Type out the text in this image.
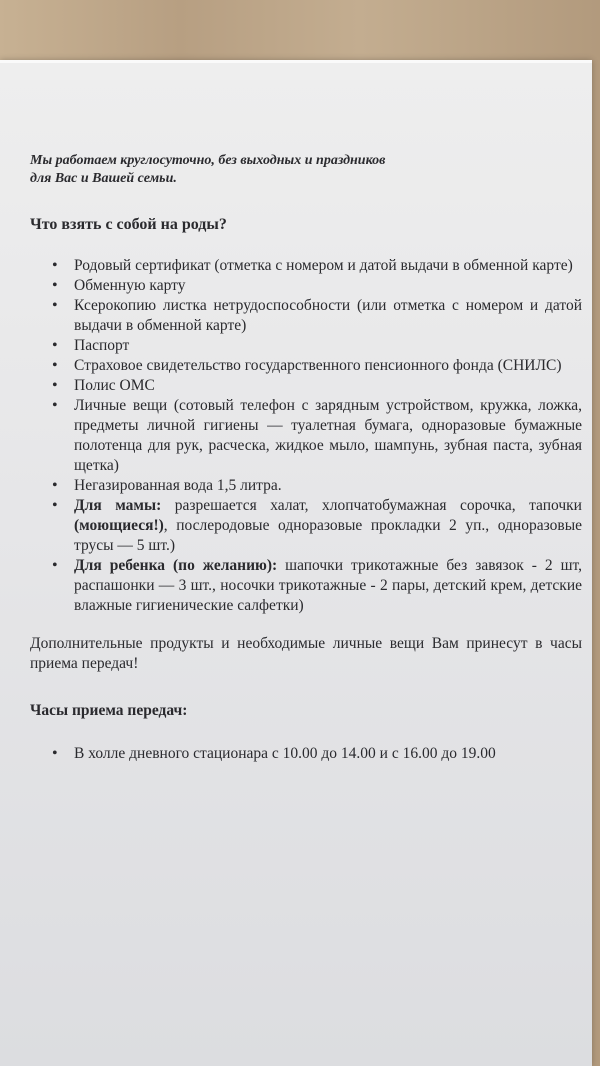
Мы работаем круглосуточно, без выходных и праздников
для Вас и Вашей семьи.

Что взять с собой на роды?
• Родовый сертификат (отметка с номером и датой выдачи в обменной карте)
• Обменную карту
• Ксерокопию листка нетрудоспособности (или отметка с номером и датой выдачи в обменной карте)
• Паспорт
• Страховое свидетельство государственного пенсионного фонда (СНИЛС)
• Полис ОМС
• Личные вещи (сотовый телефон с зарядным устройством, кружка, ложка, предметы личной гигиены — туалетная бумага, одноразовые бумажные полотенца для рук, расческа, жидкое мыло, шампунь, зубная паста, зубная щетка)
• Негазированная вода 1,5 литра.
• Для мамы: разрешается халат, хлопчатобумажная сорочка, тапочки (моющиеся!), послеродовые одноразовые прокладки 2 уп., одноразовые трусы — 5 шт.)
• Для ребенка (по желанию): шапочки трикотажные без завязок - 2 шт, распашонки — 3 шт., носочки трикотажные - 2 пары, детский крем, детские влажные гигиенические салфетки)

Дополнительные продукты и необходимые личные вещи Вам принесут в часы приема передач!

Часы приема передач:
• В холле дневного стационара с 10.00 до 14.00 и с 16.00 до 19.00
